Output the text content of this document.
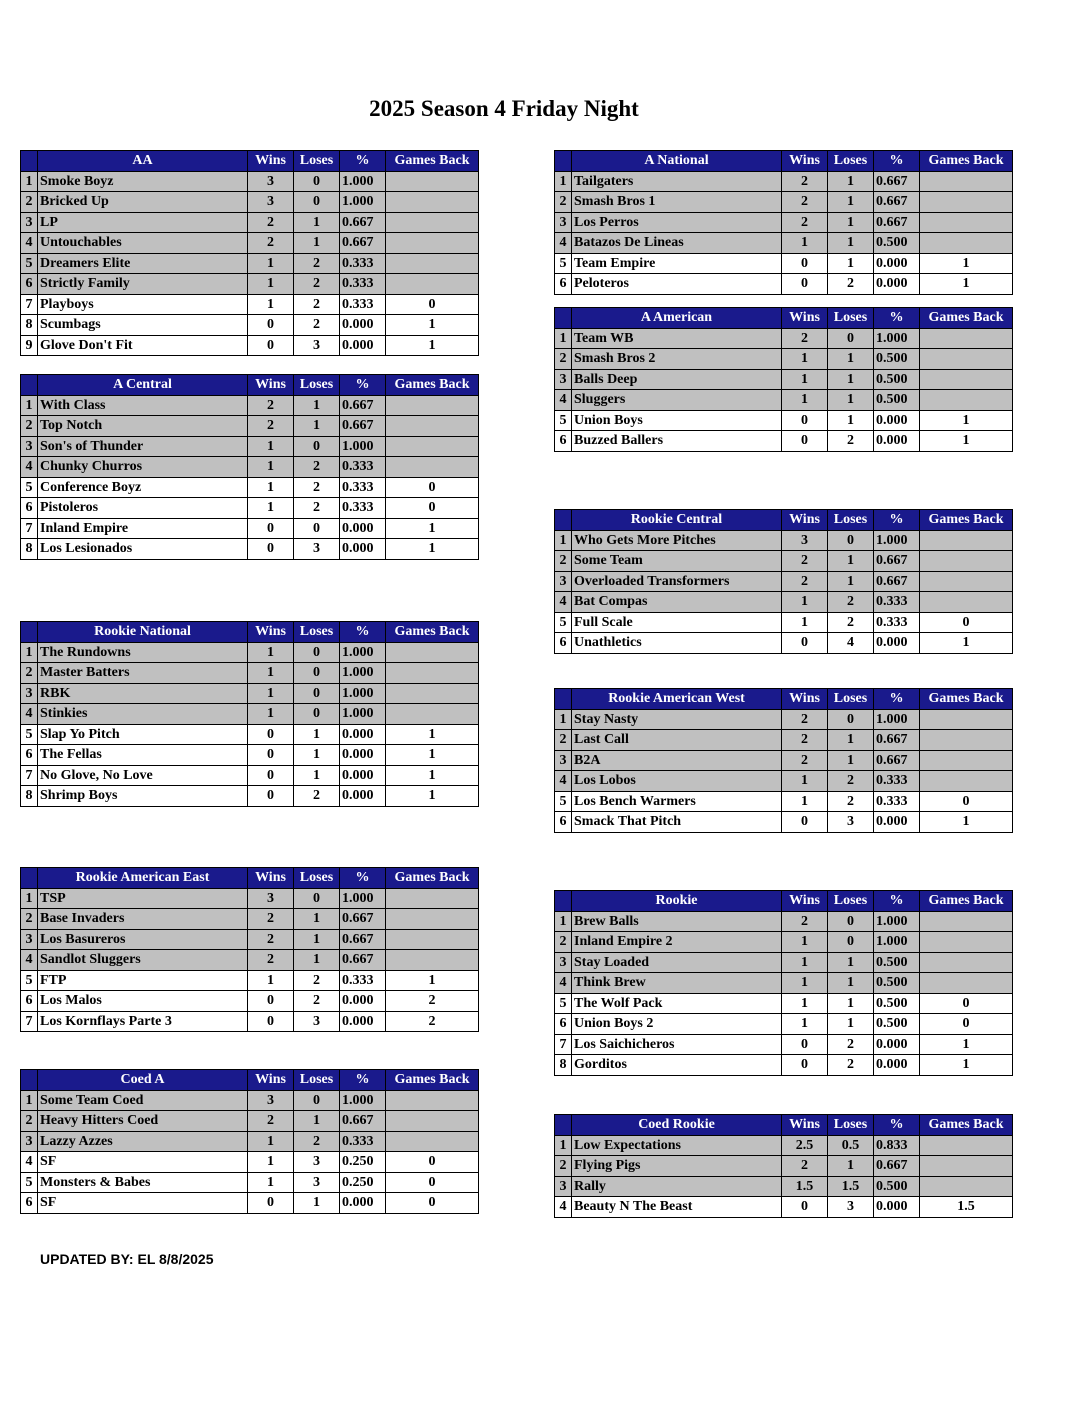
2025 Season 4 Friday Night
	AA	Wins	Loses	%	Games Back
1	Smoke Boyz	3	0	1.000	
2	Bricked Up	3	0	1.000	
3	LP	2	1	0.667	
4	Untouchables	2	1	0.667	
5	Dreamers Elite	1	2	0.333	
6	Strictly Family	1	2	0.333	
7	Playboys	1	2	0.333	0
8	Scumbags	0	2	0.000	1
9	Glove Don't Fit	0	3	0.000	1
	A Central	Wins	Loses	%	Games Back
1	With Class	2	1	0.667	
2	Top Notch	2	1	0.667	
3	Son's of Thunder	1	0	1.000	
4	Chunky Churros	1	2	0.333	
5	Conference Boyz	1	2	0.333	0
6	Pistoleros	1	2	0.333	0
7	Inland Empire	0	0	0.000	1
8	Los Lesionados	0	3	0.000	1
	Rookie National	Wins	Loses	%	Games Back
1	The Rundowns	1	0	1.000	
2	Master Batters	1	0	1.000	
3	RBK	1	0	1.000	
4	Stinkies	1	0	1.000	
5	Slap Yo Pitch	0	1	0.000	1
6	The Fellas	0	1	0.000	1
7	No Glove, No Love	0	1	0.000	1
8	Shrimp Boys	0	2	0.000	1
	Rookie American East	Wins	Loses	%	Games Back
1	TSP	3	0	1.000	
2	Base Invaders	2	1	0.667	
3	Los Basureros	2	1	0.667	
4	Sandlot Sluggers	2	1	0.667	
5	FTP	1	2	0.333	1
6	Los Malos	0	2	0.000	2
7	Los Kornflays Parte 3	0	3	0.000	2
	Coed A	Wins	Loses	%	Games Back
1	Some Team Coed	3	0	1.000	
2	Heavy Hitters Coed	2	1	0.667	
3	Lazzy Azzes	1	2	0.333	
4	SF	1	3	0.250	0
5	Monsters & Babes	1	3	0.250	0
6	SF	0	1	0.000	0
	A National	Wins	Loses	%	Games Back
1	Tailgaters	2	1	0.667	
2	Smash Bros 1	2	1	0.667	
3	Los Perros	2	1	0.667	
4	Batazos De Lineas	1	1	0.500	
5	Team Empire	0	1	0.000	1
6	Peloteros	0	2	0.000	1
	A American	Wins	Loses	%	Games Back
1	Team WB	2	0	1.000	
2	Smash Bros 2	1	1	0.500	
3	Balls Deep	1	1	0.500	
4	Sluggers	1	1	0.500	
5	Union Boys	0	1	0.000	1
6	Buzzed Ballers	0	2	0.000	1
	Rookie Central	Wins	Loses	%	Games Back
1	Who Gets More Pitches	3	0	1.000	
2	Some Team	2	1	0.667	
3	Overloaded Transformers	2	1	0.667	
4	Bat Compas	1	2	0.333	
5	Full Scale	1	2	0.333	0
6	Unathletics	0	4	0.000	1
	Rookie American West	Wins	Loses	%	Games Back
1	Stay Nasty	2	0	1.000	
2	Last Call	2	1	0.667	
3	B2A	2	1	0.667	
4	Los Lobos	1	2	0.333	
5	Los Bench Warmers	1	2	0.333	0
6	Smack That Pitch	0	3	0.000	1
	Rookie	Wins	Loses	%	Games Back
1	Brew Balls	2	0	1.000	
2	Inland Empire 2	1	0	1.000	
3	Stay Loaded	1	1	0.500	
4	Think Brew	1	1	0.500	
5	The Wolf Pack	1	1	0.500	0
6	Union Boys 2	1	1	0.500	0
7	Los Saichicheros	0	2	0.000	1
8	Gorditos	0	2	0.000	1
	Coed Rookie	Wins	Loses	%	Games Back
1	Low Expectations	2.5	0.5	0.833	
2	Flying Pigs	2	1	0.667	
3	Rally	1.5	1.5	0.500	
4	Beauty N The Beast	0	3	0.000	1.5
UPDATED BY: EL 8/8/2025
